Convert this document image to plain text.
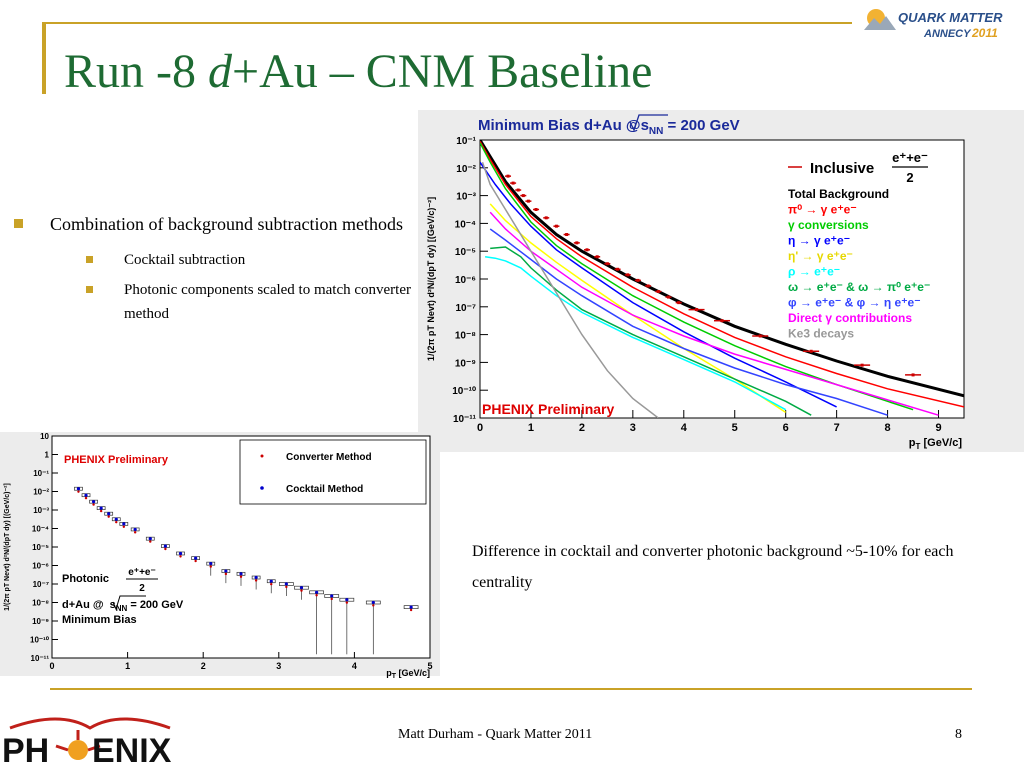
Run -8 d+Au – CNM Baseline
QUARK MATTER
ANNECY 2011
Combination of background subtraction methods
Cocktail subtraction
Photonic components scaled to match converter method
Minimum Bias d+Au $@s_{NN} = 200$ GeV
10⁻¹¹
10⁻¹⁰
10⁻⁹
10⁻⁸
10⁻⁷
10⁻⁶
10⁻⁵
10⁻⁴
10⁻³
10⁻²
10⁻¹
0	1	2	3	4	5	6	7	8	9
$p_T$ [GeV/c]
1/(2π pT Nevt) d²N/(dpT dy) [(GeV/c)⁻²]
PHENIX Preliminary
Inclusive
e⁺+e⁻
2
Total Background
π⁰ → γ e⁺e⁻
γ conversions
η → γ e⁺e⁻
η' → γ e⁺e⁻
ρ → e⁺e⁻
ω → e⁺e⁻ & ω → π⁰ e⁺e⁻
φ → e⁺e⁻ & φ → η e⁺e⁻
Direct γ contributions
Ke3 decays
10⁻¹¹
10⁻¹⁰
10⁻⁹
10⁻⁸
10⁻⁷
10⁻⁶
10⁻⁵
10⁻⁴
10⁻³
10⁻²
10⁻¹
1
10
0	1	2	3	4	5
$p_T$ [GeV/c]
1/(2π pT Nevt) d²N/(dpT dy) [(GeV/c)⁻²]
Converter Method
Cocktail Method
PHENIX Preliminary
Photonic
e⁺+e⁻
2
d+Au @ $s_{NN} = 200$ GeV
Minimum Bias
Difference in cocktail and converter photonic background ~5-10% for each centrality
PH ENIX	Matt Durham - Quark Matter 2011	8
